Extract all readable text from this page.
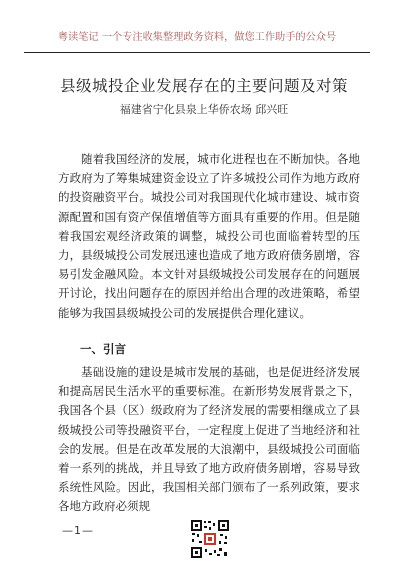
粤读笔记 一个专注收集整理政务资料，做您工作助手的公众号
县级城投企业发展存在的主要问题及对策
福建省宁化县泉上华侨农场 邱兴旺
随着我国经济的发展，城市化进程也在不断加快。各地方政府为了筹集城建资金设立了许多城投公司作为地方政府的投资融资平台。城投公司对我国现代化城市建设、城市资源配置和国有资产保值增值等方面具有重要的作用。但是随着我国宏观经济政策的调整，城投公司也面临着转型的压力，县级城投公司发展迅速也造成了地方政府债务剧增，容易引发金融风险。本文针对县级城投公司发展存在的问题展开讨论，找出问题存在的原因并给出合理的改进策略，希望能够为我国县级城投公司的发展提供合理化建议。
一、引言
基础设施的建设是城市发展的基础，也是促进经济发展和提高居民生活水平的重要标准。在新形势发展背景之下，我国各个县（区）级政府为了经济发展的需要相继成立了县级城投公司等投融资平台，一定程度上促进了当地经济和社会的发展。但是在改革发展的大浪潮中，县级城投公司面临着一系列的挑战，并且导致了地方政府债务剧增，容易导致系统性风险。因此，我国相关部门颁布了一系列政策，要求各地方政府必须规
—1—
